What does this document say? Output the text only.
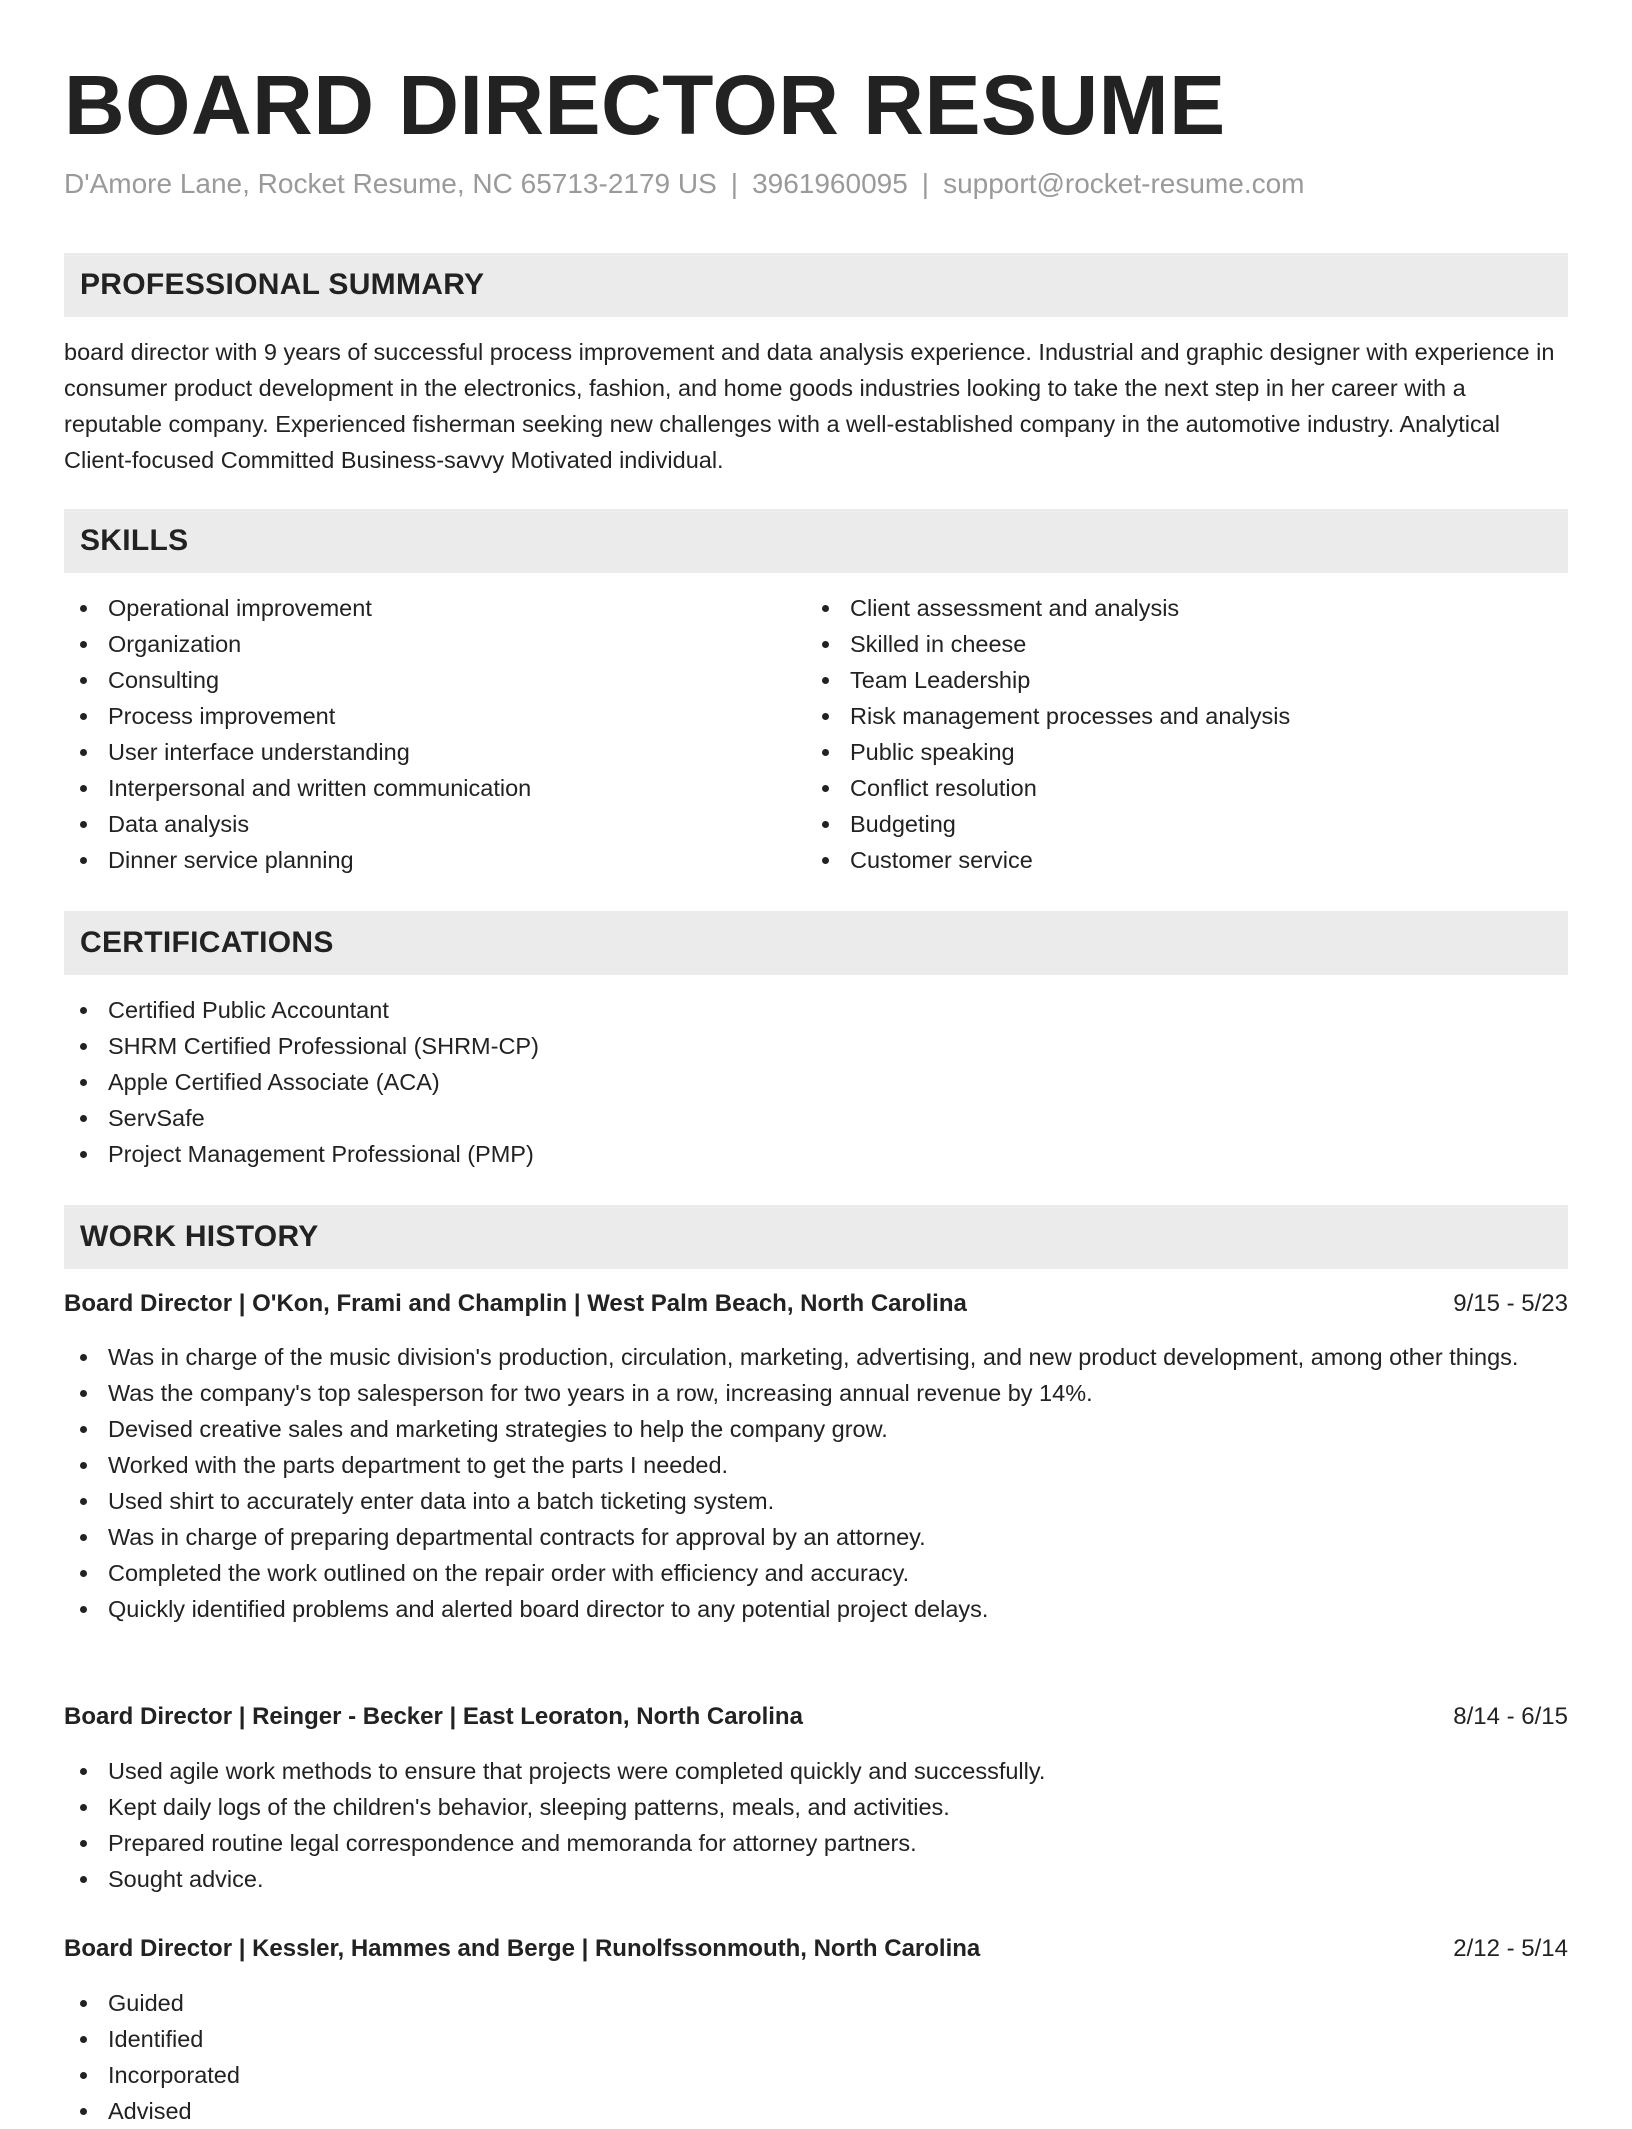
BOARD DIRECTOR RESUME
D'Amore Lane, Rocket Resume, NC 65713-2179 US | 3961960095 | support@rocket-resume.com
PROFESSIONAL SUMMARY

board director with 9 years of successful process improvement and data analysis experience. Industrial and graphic designer with experience in consumer product development in the electronics, fashion, and home goods industries looking to take the next step in her career with a reputable company. Experienced fisherman seeking new challenges with a well-established company in the automotive industry. Analytical Client-focused Committed Business-savvy Motivated individual.

SKILLS
Operational improvement
Organization
Consulting
Process improvement
User interface understanding
Interpersonal and written communication
Data analysis
Dinner service planning
Client assessment and analysis
Skilled in cheese
Team Leadership
Risk management processes and analysis
Public speaking
Conflict resolution
Budgeting
Customer service
CERTIFICATIONS
Certified Public Accountant
SHRM Certified Professional (SHRM-CP)
Apple Certified Associate (ACA)
ServSafe
Project Management Professional (PMP)
WORK HISTORY
Board Director | O'Kon, Frami and Champlin | West Palm Beach, North Carolina	9/15 - 5/23
Was in charge of the music division's production, circulation, marketing, advertising, and new product development, among other things.
Was the company's top salesperson for two years in a row, increasing annual revenue by 14%.
Devised creative sales and marketing strategies to help the company grow.
Worked with the parts department to get the parts I needed.
Used shirt to accurately enter data into a batch ticketing system.
Was in charge of preparing departmental contracts for approval by an attorney.
Completed the work outlined on the repair order with efficiency and accuracy.
Quickly identified problems and alerted board director to any potential project delays.
Board Director | Reinger - Becker | East Leoraton, North Carolina	8/14 - 6/15
Used agile work methods to ensure that projects were completed quickly and successfully.
Kept daily logs of the children's behavior, sleeping patterns, meals, and activities.
Prepared routine legal correspondence and memoranda for attorney partners.
Sought advice.
Board Director | Kessler, Hammes and Berge | Runolfssonmouth, North Carolina	2/12 - 5/14
Guided
Identified
Incorporated
Advised
